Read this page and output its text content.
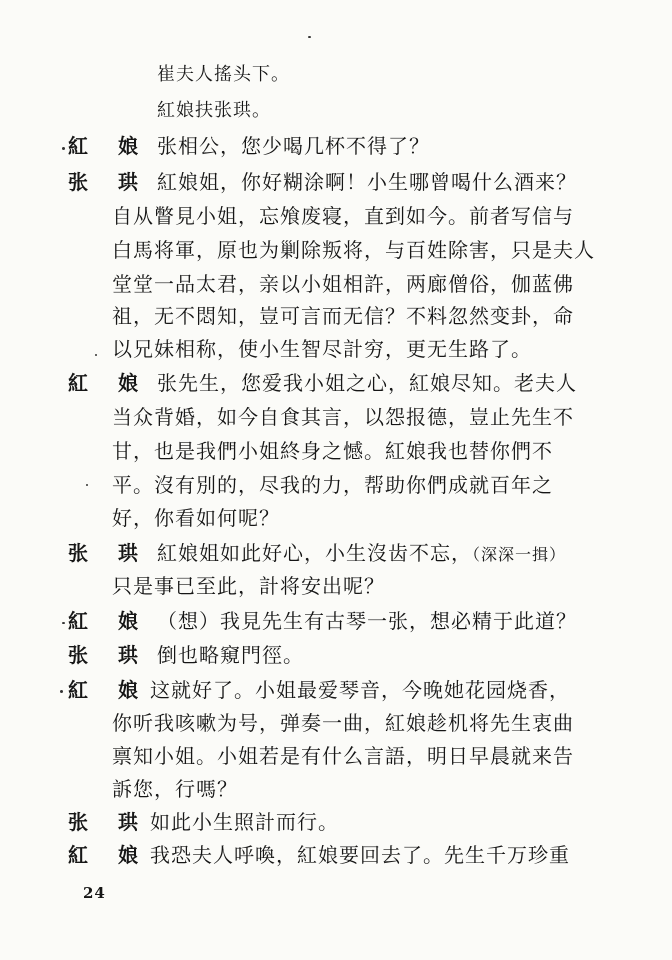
崔夫人搖头下。
紅娘扶张珙。
紅 娘 张相公，您少喝几杯不得了？
张 珙 紅娘姐，你好糊涂啊！小生哪曾喝什么酒来？
自从瞥見小姐，忘飧废寝，直到如今。前者写信与
白馬将軍，原也为剿除叛将，与百姓除害，只是夫人
堂堂一品太君，亲以小姐相許，两廊僧俗，伽蓝佛
祖，无不悶知，豈可言而无信？不料忽然变卦，命
以兄妹相称，使小生智尽計穷，更无生路了。
紅 娘 张先生，您爱我小姐之心，紅娘尽知。老夫人
当众背婚，如今自食其言，以怨报德，豈止先生不
甘，也是我們小姐終身之憾。紅娘我也替你們不
平。沒有別的，尽我的力，帮助你們成就百年之
好，你看如何呢？
张 珙 紅娘姐如此好心，小生沒齿不忘，（深深一揖）
只是事已至此，計将安出呢？
紅 娘 （想）我見先生有古琴一张，想必精于此道？
张 珙 倒也略窺門徑。
紅 娘 这就好了。小姐最爱琴音，今晚她花园烧香，
你听我咳嗽为号，弹奏一曲，紅娘趁机将先生衷曲
禀知小姐。小姐若是有什么言語，明日早晨就来告
訴您，行嗎？
张 珙 如此小生照計而行。
紅 娘 我恐夫人呼喚，紅娘要回去了。先生千万珍重
24
